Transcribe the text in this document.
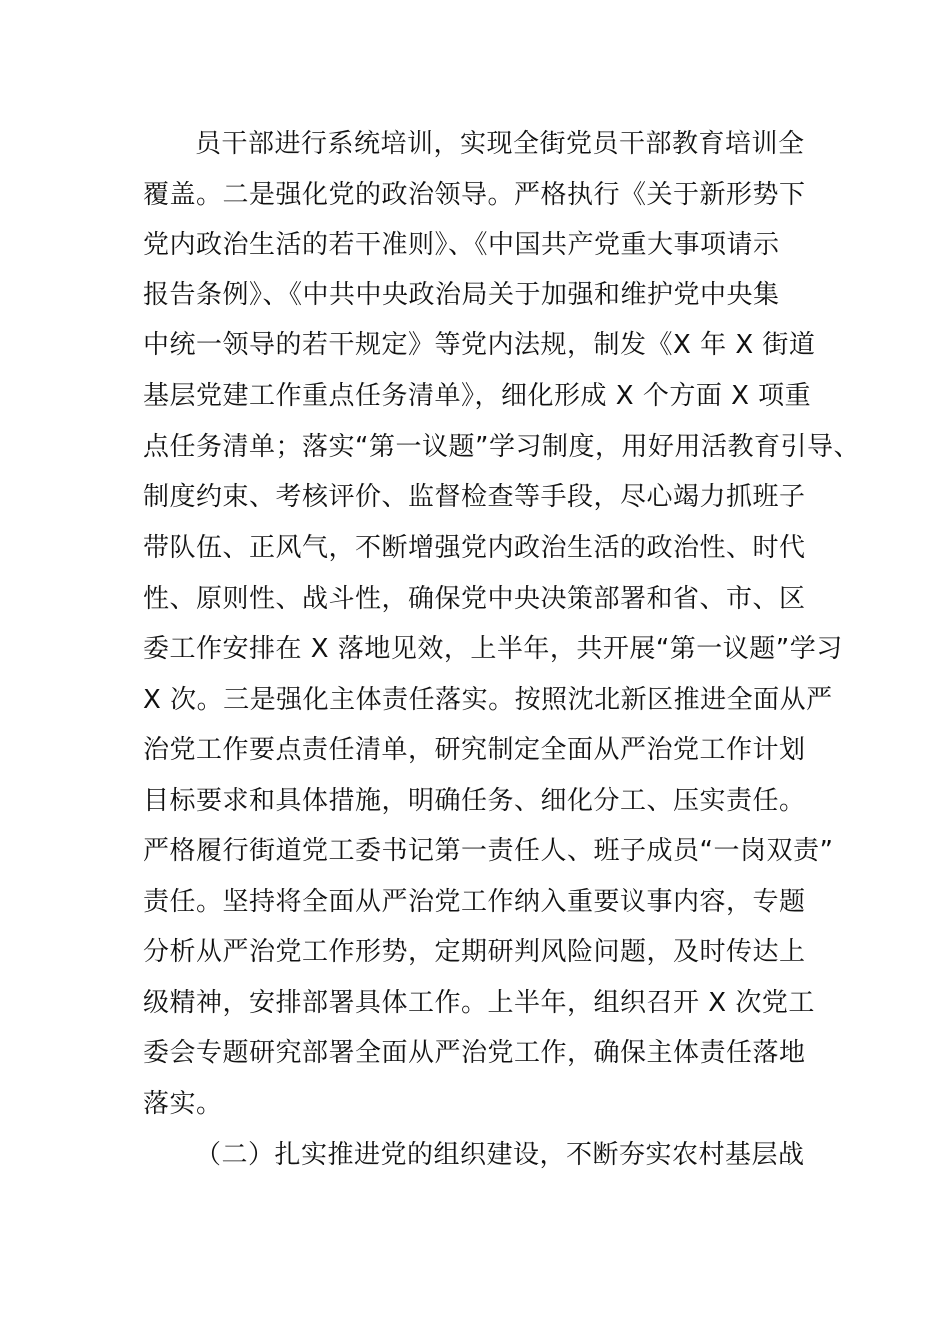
员干部进行系统培训，实现全街党员干部教育培训全
覆盖。二是强化党的政治领导。严格执行《关于新形势下
党内政治生活的若干准则》、《中国共产党重大事项请示
报告条例》、《中共中央政治局关于加强和维护党中央集
中统一领导的若干规定》等党内法规，制发《X 年 X 街道
基层党建工作重点任务清单》，细化形成 X 个方面 X 项重
点任务清单；落实“第一议题”学习制度，用好用活教育引导、
制度约束、考核评价、监督检查等手段，尽心竭力抓班子
带队伍、正风气，不断增强党内政治生活的政治性、时代
性、原则性、战斗性，确保党中央决策部署和省、市、区
委工作安排在 X 落地见效，上半年，共开展“第一议题”学习
X 次。三是强化主体责任落实。按照沈北新区推进全面从严
治党工作要点责任清单，研究制定全面从严治党工作计划
目标要求和具体措施，明确任务、细化分工、压实责任。
严格履行街道党工委书记第一责任人、班子成员“一岗双责”
责任。坚持将全面从严治党工作纳入重要议事内容，专题
分析从严治党工作形势，定期研判风险问题，及时传达上
级精神，安排部署具体工作。上半年，组织召开 X 次党工
委会专题研究部署全面从严治党工作，确保主体责任落地
落实。
（二）扎实推进党的组织建设，不断夯实农村基层战
